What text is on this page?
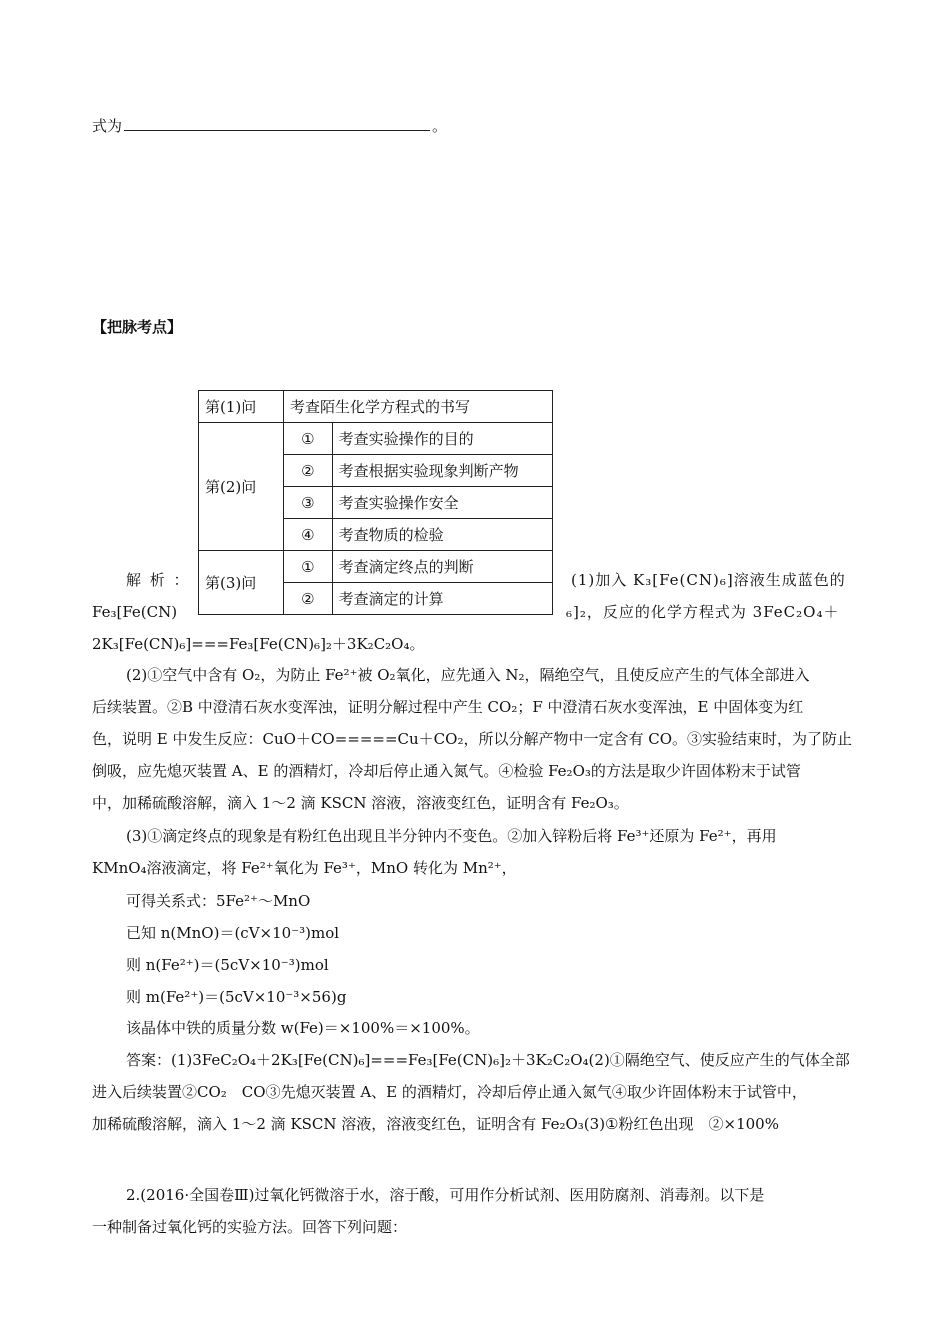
式为	。
【把脉考点】
解 析 ：	(1)加入 K₃[Fe(CN)₆]溶液生成蓝色的
Fe₃[Fe(CN)	₆]₂，反应的化学方程式为 3FeC₂O₄＋
第(1)问	考查陌生化学方程式的书写	
第(2)问	①	考查实验操作的目的
	②	考查根据实验现象判断产物
	③	考查实验操作安全
	④	考查物质的检验
第(3)问	①	考查滴定终点的判断
	②	考查滴定的计算
2K₃[Fe(CN)₆]===Fe₃[Fe(CN)₆]₂＋3K₂C₂O₄。
(2)①空气中含有 O₂，为防止 Fe²⁺被 O₂氧化，应先通入 N₂，隔绝空气，且使反应产生的气体全部进入
后续装置。②B 中澄清石灰水变浑浊，证明分解过程中产生 CO₂；F 中澄清石灰水变浑浊，E 中固体变为红
色，说明 E 中发生反应：CuO＋CO=====Cu＋CO₂，所以分解产物中一定含有 CO。③实验结束时，为了防止
倒吸，应先熄灭装置 A、E 的酒精灯，冷却后停止通入氮气。④检验 Fe₂O₃的方法是取少许固体粉末于试管
中，加稀硫酸溶解，滴入 1～2 滴 KSCN 溶液，溶液变红色，证明含有 Fe₂O₃。
(3)①滴定终点的现象是有粉红色出现且半分钟内不变色。②加入锌粉后将 Fe³⁺还原为 Fe²⁺，再用
KMnO₄溶液滴定，将 Fe²⁺氧化为 Fe³⁺，MnO 转化为 Mn²⁺，
可得关系式：5Fe²⁺～MnO
已知 n(MnO)＝(cV×10⁻³)mol
则 n(Fe²⁺)＝(5cV×10⁻³)mol
则 m(Fe²⁺)＝(5cV×10⁻³×56)g
该晶体中铁的质量分数 w(Fe)＝×100%＝×100%。
答案：(1)3FeC₂O₄＋2K₃[Fe(CN)₆]===Fe₃[Fe(CN)₆]₂＋3K₂C₂O₄(2)①隔绝空气、使反应产生的气体全部
进入后续装置②CO₂　CO③先熄灭装置 A、E 的酒精灯，冷却后停止通入氮气④取少许固体粉末于试管中，
加稀硫酸溶解，滴入 1～2 滴 KSCN 溶液，溶液变红色，证明含有 Fe₂O₃(3)①粉红色出现　②×100%
2.(2016·全国卷Ⅲ)过氧化钙微溶于水，溶于酸，可用作分析试剂、医用防腐剂、消毒剂。以下是
一种制备过氧化钙的实验方法。回答下列问题：
